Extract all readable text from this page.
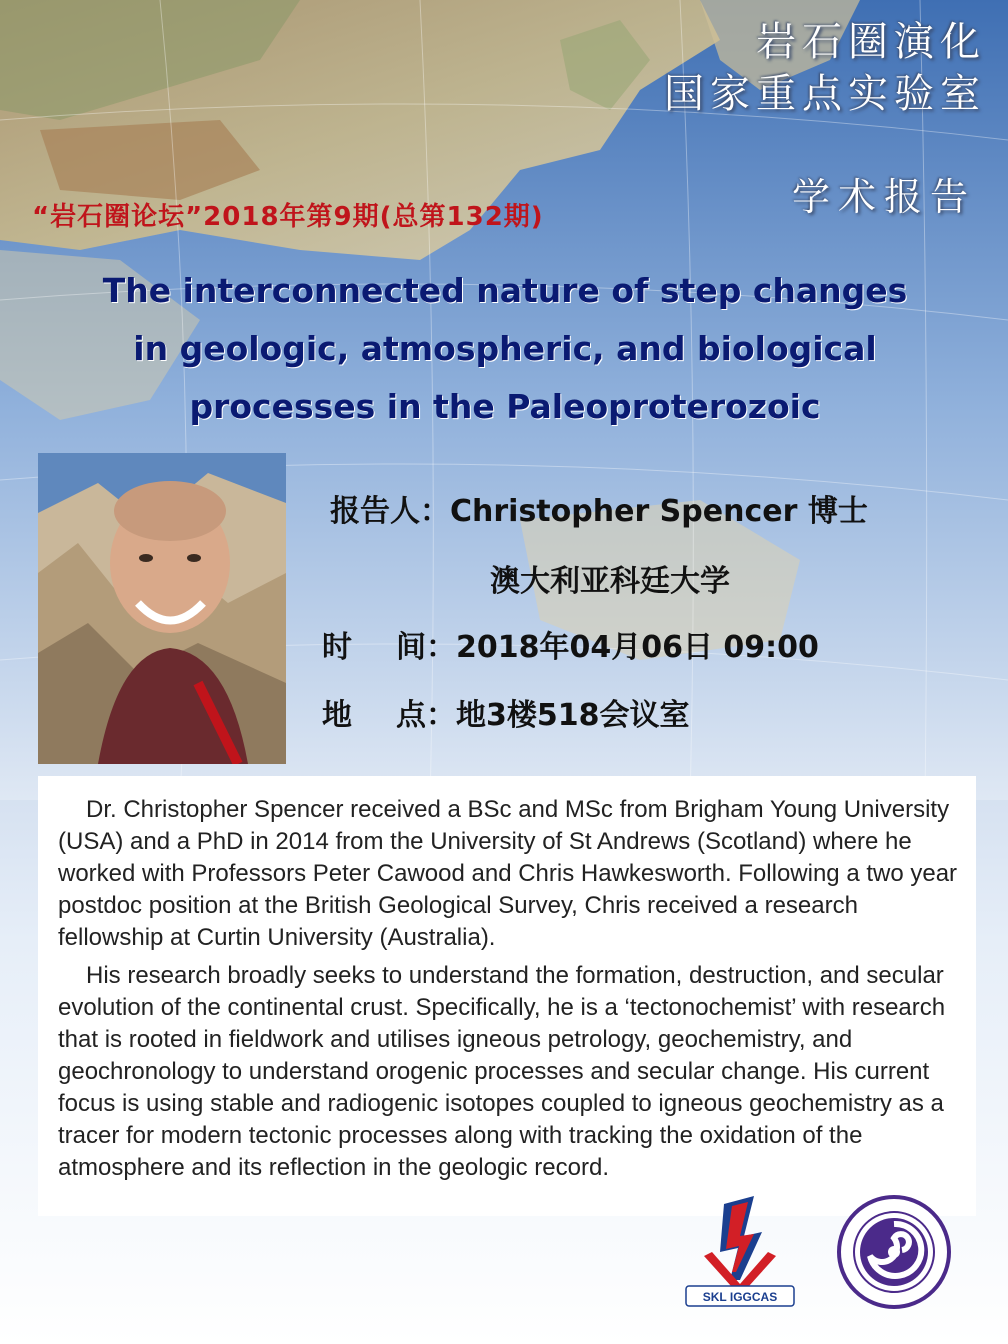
岩石圈演化
国家重点实验室
学术报告
“岩石圈论坛”2018年第9期(总第132期)
The interconnected nature of step changes
in geologic, atmospheric, and biological
processes in the Paleoproterozoic
报告人：Christopher Spencer 博士
澳大利亚科廷大学
时 间：2018年04月06日 09:00
地 点：地3楼518会议室

Dr. Christopher Spencer received a BSc and MSc from Brigham Young University (USA) and a PhD in 2014 from the University of St Andrews (Scotland) where he worked with Professors Peter Cawood and Chris Hawkesworth. Following a two year postdoc position at the British Geological Survey, Chris received a research fellowship at Curtin University (Australia).

His research broadly seeks to understand the formation, destruction, and secular evolution of the continental crust. Specifically, he is a ‘tectonochemist’ with research that is rooted in fieldwork and utilises igneous petrology, geochemistry, and geochronology to understand orogenic processes and secular change. His current focus is using stable and radiogenic isotopes coupled to igneous geochemistry as a tracer for modern tectonic processes along with tracking the oxidation of the atmosphere and its reflection in the geologic record.

SKL IGGCAS
